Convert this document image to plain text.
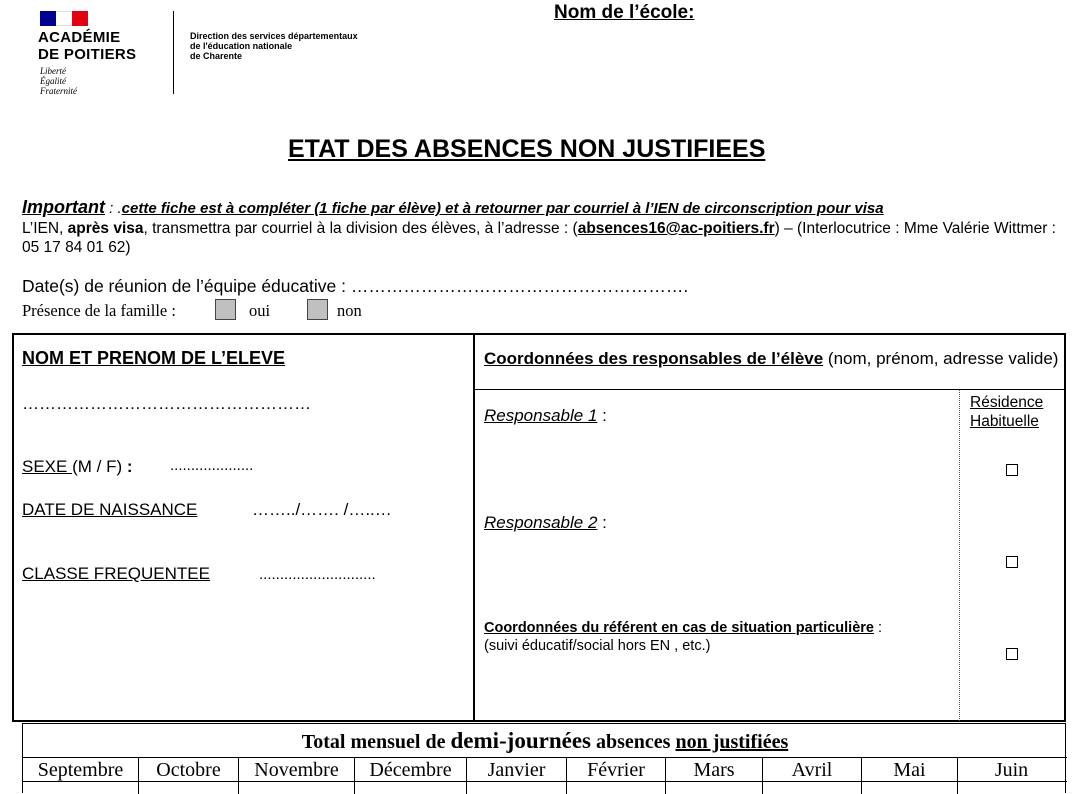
ACADÉMIE
DE POITIERS
Liberté
Égalité
Fraternité
Direction des services départementaux
de l'éducation nationale
de Charente
Nom de l’école:
ETAT DES ABSENCES NON JUSTIFIEES
Important : .cette fiche est à compléter (1 fiche par élève) et à retourner par courriel à l’IEN de circonscription pour visa
L’IEN, après visa, transmettra par courriel à la division des élèves, à l’adresse : (absences16@ac-poitiers.fr) – (Interlocutrice : Mme Valérie Wittmer : 05 17 84 01 62)
Date(s) de réunion de l’équipe éducative : ………………………………………………….
Présence de la famille :	oui	non
NOM ET PRENOM DE L’ELEVE
……………………………………………
SEXE (M / F) : ....................
DATE DE NAISSANCE	……../……. /…..…
CLASSE FREQUENTEE	............................
Coordonnées des responsables de l’élève (nom, prénom, adresse valide)
Résidence
Habituelle
Responsable 1 :
Responsable 2 :
Coordonnées du référent en cas de situation particulière :
(suivi éducatif/social hors EN , etc.)
Total mensuel de demi-journées absences non justifiées
Septembre	Octobre	Novembre	Décembre	Janvier	Février	Mars	Avril	Mai	Juin
